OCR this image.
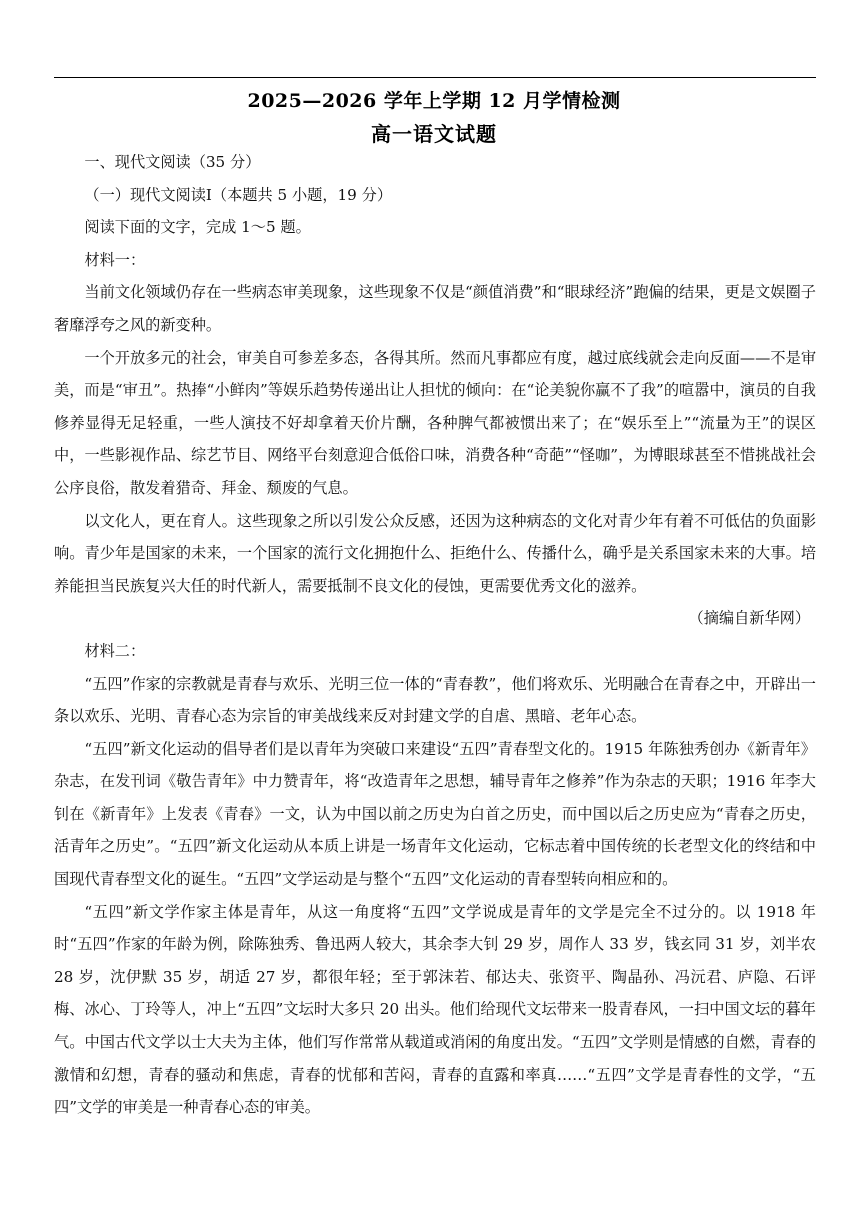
2025—2026 学年上学期 12 月学情检测
高一语文试题

一、现代文阅读（35 分）

（一）现代文阅读Ⅰ（本题共 5 小题，19 分）

阅读下面的文字，完成 1～5 题。

材料一：

当前文化领域仍存在一些病态审美现象，这些现象不仅是“颜值消费”和“眼球经济”跑偏的结果，更是文娱圈子奢靡浮夸之风的新变种。

一个开放多元的社会，审美自可参差多态，各得其所。然而凡事都应有度，越过底线就会走向反面——不是审美，而是“审丑”。热捧“小鲜肉”等娱乐趋势传递出让人担忧的倾向：在“论美貌你赢不了我”的喧嚣中，演员的自我修养显得无足轻重，一些人演技不好却拿着天价片酬，各种脾气都被惯出来了；在“娱乐至上”“流量为王”的误区中，一些影视作品、综艺节目、网络平台刻意迎合低俗口味，消费各种“奇葩”“怪咖”，为博眼球甚至不惜挑战社会公序良俗，散发着猎奇、拜金、颓废的气息。

以文化人，更在育人。这些现象之所以引发公众反感，还因为这种病态的文化对青少年有着不可低估的负面影响。青少年是国家的未来，一个国家的流行文化拥抱什么、拒绝什么、传播什么，确乎是关系国家未来的大事。培养能担当民族复兴大任的时代新人，需要抵制不良文化的侵蚀，更需要优秀文化的滋养。

（摘编自新华网）

材料二：

“五四”作家的宗教就是青春与欢乐、光明三位一体的“青春教”，他们将欢乐、光明融合在青春之中，开辟出一条以欢乐、光明、青春心态为宗旨的审美战线来反对封建文学的自虐、黑暗、老年心态。

“五四”新文化运动的倡导者们是以青年为突破口来建设“五四”青春型文化的。1915 年陈独秀创办《新青年》杂志，在发刊词《敬告青年》中力赞青年，将“改造青年之思想，辅导青年之修养”作为杂志的天职；1916 年李大钊在《新青年》上发表《青春》一文，认为中国以前之历史为白首之历史，而中国以后之历史应为“青春之历史，活青年之历史”。“五四”新文化运动从本质上讲是一场青年文化运动，它标志着中国传统的长老型文化的终结和中国现代青春型文化的诞生。“五四”文学运动是与整个“五四”文化运动的青春型转向相应和的。

“五四”新文学作家主体是青年，从这一角度将“五四”文学说成是青年的文学是完全不过分的。以 1918 年时“五四”作家的年龄为例，除陈独秀、鲁迅两人较大，其余李大钊 29 岁，周作人 33 岁，钱玄同 31 岁，刘半农 28 岁，沈伊默 35 岁，胡适 27 岁，都很年轻；至于郭沫若、郁达夫、张资平、陶晶孙、冯沅君、庐隐、石评梅、冰心、丁玲等人，冲上“五四”文坛时大多只 20 出头。他们给现代文坛带来一股青春风，一扫中国文坛的暮年气。中国古代文学以士大夫为主体，他们写作常常从载道或消闲的角度出发。“五四”文学则是情感的自燃，青春的激情和幻想，青春的骚动和焦虑，青春的忧郁和苦闷，青春的直露和率真……“五四”文学是青春性的文学，“五四”文学的审美是一种青春心态的审美。
